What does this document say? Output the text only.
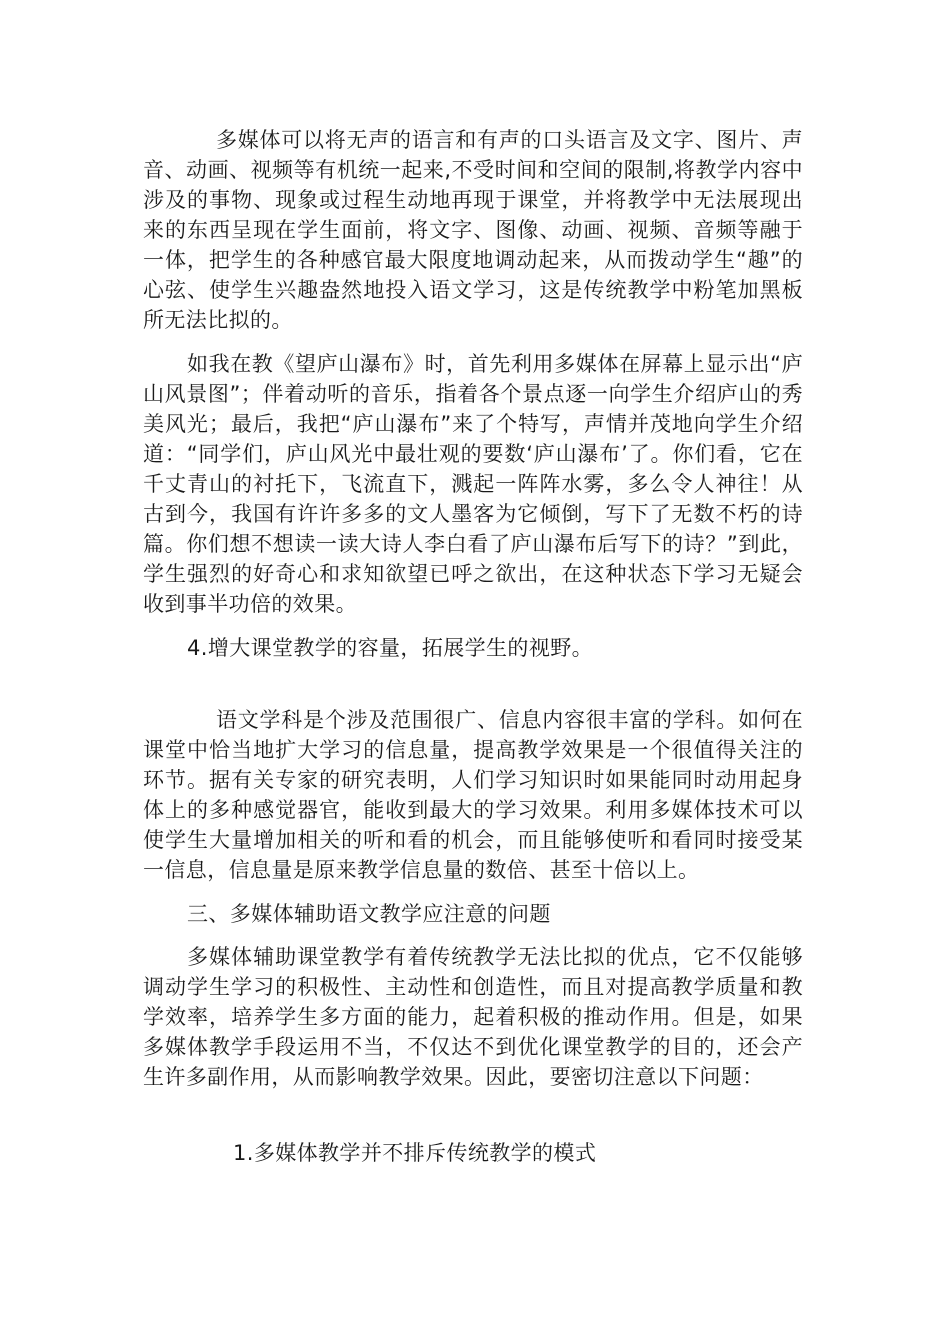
多媒体可以将无声的语言和有声的口头语言及文字、图片、声音、动画、视频等有机统一起来,不受时间和空间的限制,将教学内容中涉及的事物、现象或过程生动地再现于课堂，并将教学中无法展现出来的东西呈现在学生面前，将文字、图像、动画、视频、音频等融于一体，把学生的各种感官最大限度地调动起来，从而拨动学生“趣”的心弦、使学生兴趣盎然地投入语文学习，这是传统教学中粉笔加黑板所无法比拟的。

如我在教《望庐山瀑布》时，首先利用多媒体在屏幕上显示出“庐山风景图”；伴着动听的音乐，指着各个景点逐一向学生介绍庐山的秀美风光；最后，我把“庐山瀑布”来了个特写，声情并茂地向学生介绍道：“同学们，庐山风光中最壮观的要数‘庐山瀑布’了。你们看，它在千丈青山的衬托下，飞流直下，溅起一阵阵水雾，多么令人神往！从古到今，我国有许许多多的文人墨客为它倾倒，写下了无数不朽的诗篇。你们想不想读一读大诗人李白看了庐山瀑布后写下的诗？”到此，学生强烈的好奇心和求知欲望已呼之欲出，在这种状态下学习无疑会收到事半功倍的效果。

4.增大课堂教学的容量，拓展学生的视野。

语文学科是个涉及范围很广、信息内容很丰富的学科。如何在课堂中恰当地扩大学习的信息量，提高教学效果是一个很值得关注的环节。据有关专家的研究表明，人们学习知识时如果能同时动用起身体上的多种感觉器官，能收到最大的学习效果。利用多媒体技术可以使学生大量增加相关的听和看的机会，而且能够使听和看同时接受某一信息，信息量是原来教学信息量的数倍、甚至十倍以上。

三、多媒体辅助语文教学应注意的问题

多媒体辅助课堂教学有着传统教学无法比拟的优点，它不仅能够调动学生学习的积极性、主动性和创造性，而且对提高教学质量和教学效率，培养学生多方面的能力，起着积极的推动作用。但是，如果多媒体教学手段运用不当，不仅达不到优化课堂教学的目的，还会产生许多副作用，从而影响教学效果。因此，要密切注意以下问题：

1.多媒体教学并不排斥传统教学的模式
